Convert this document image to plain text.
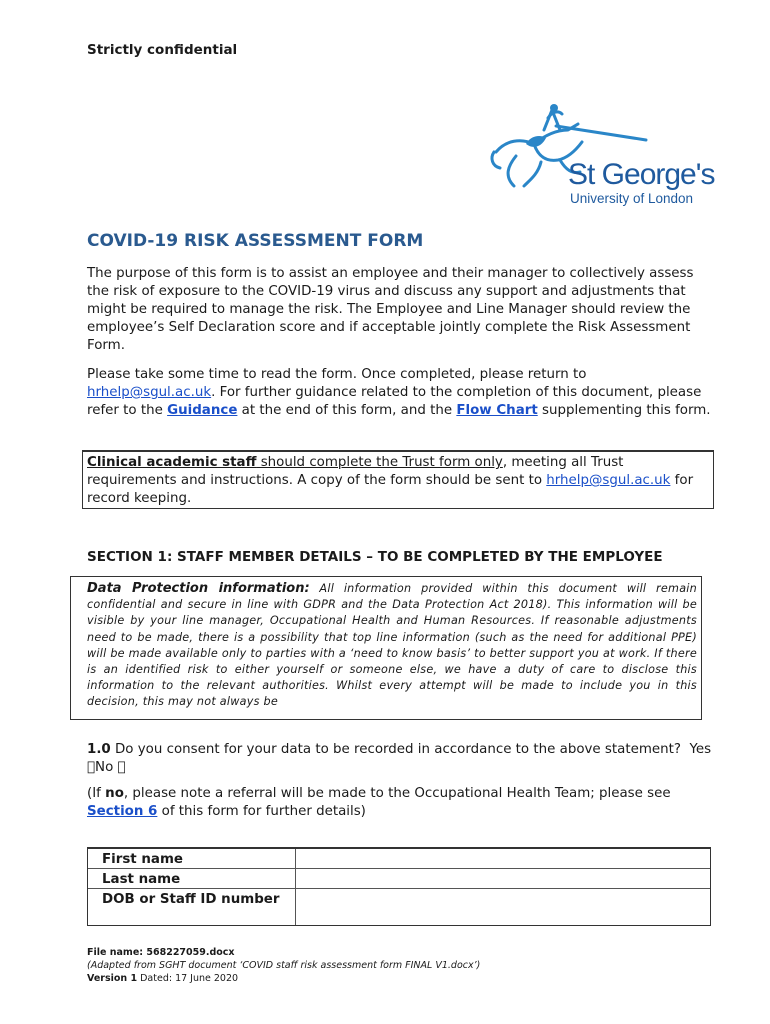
Strictly confidential
St George's
University of London
COVID-19 RISK ASSESSMENT FORM
The purpose of this form is to assist an employee and their manager to collectively assess the risk of exposure to the COVID-19 virus and discuss any support and adjustments that might be required to manage the risk. The Employee and Line Manager should review the employee’s Self Declaration score and if acceptable jointly complete the Risk Assessment Form.
Please take some time to read the form. Once completed, please return to hrhelp@sgul.ac.uk. For further guidance related to the completion of this document, please refer to the Guidance at the end of this form, and the Flow Chart supplementing this form.
Clinical academic staff should complete the Trust form only, meeting all Trust requirements and instructions. A copy of the form should be sent to hrhelp@sgul.ac.uk for record keeping.
SECTION 1: STAFF MEMBER DETAILS – TO BE COMPLETED BY THE EMPLOYEE
Data Protection information: All information provided within this document will remain confidential and secure in line with GDPR and the Data Protection Act 2018). This information will be visible by your line manager, Occupational Health and Human Resources. If reasonable adjustments need to be made, there is a possibility that top line information (such as the need for additional PPE) will be made available only to parties with a ‘need to know basis’ to better support you at work. If there is an identified risk to either yourself or someone else, we have a duty of care to disclose this information to the relevant authorities. Whilst every attempt will be made to include you in this decision, this may not always be
1.0 Do you consent for your data to be recorded in accordance to the above statement? Yes No
(If no, please note a referral will be made to the Occupational Health Team; please see Section 6 of this form for further details)
First name
Last name
DOB or Staff ID number
File name: 568227059.docx
(Adapted from SGHT document ‘COVID staff risk assessment form FINAL V1.docx’)
Version 1 Dated: 17 June 2020
